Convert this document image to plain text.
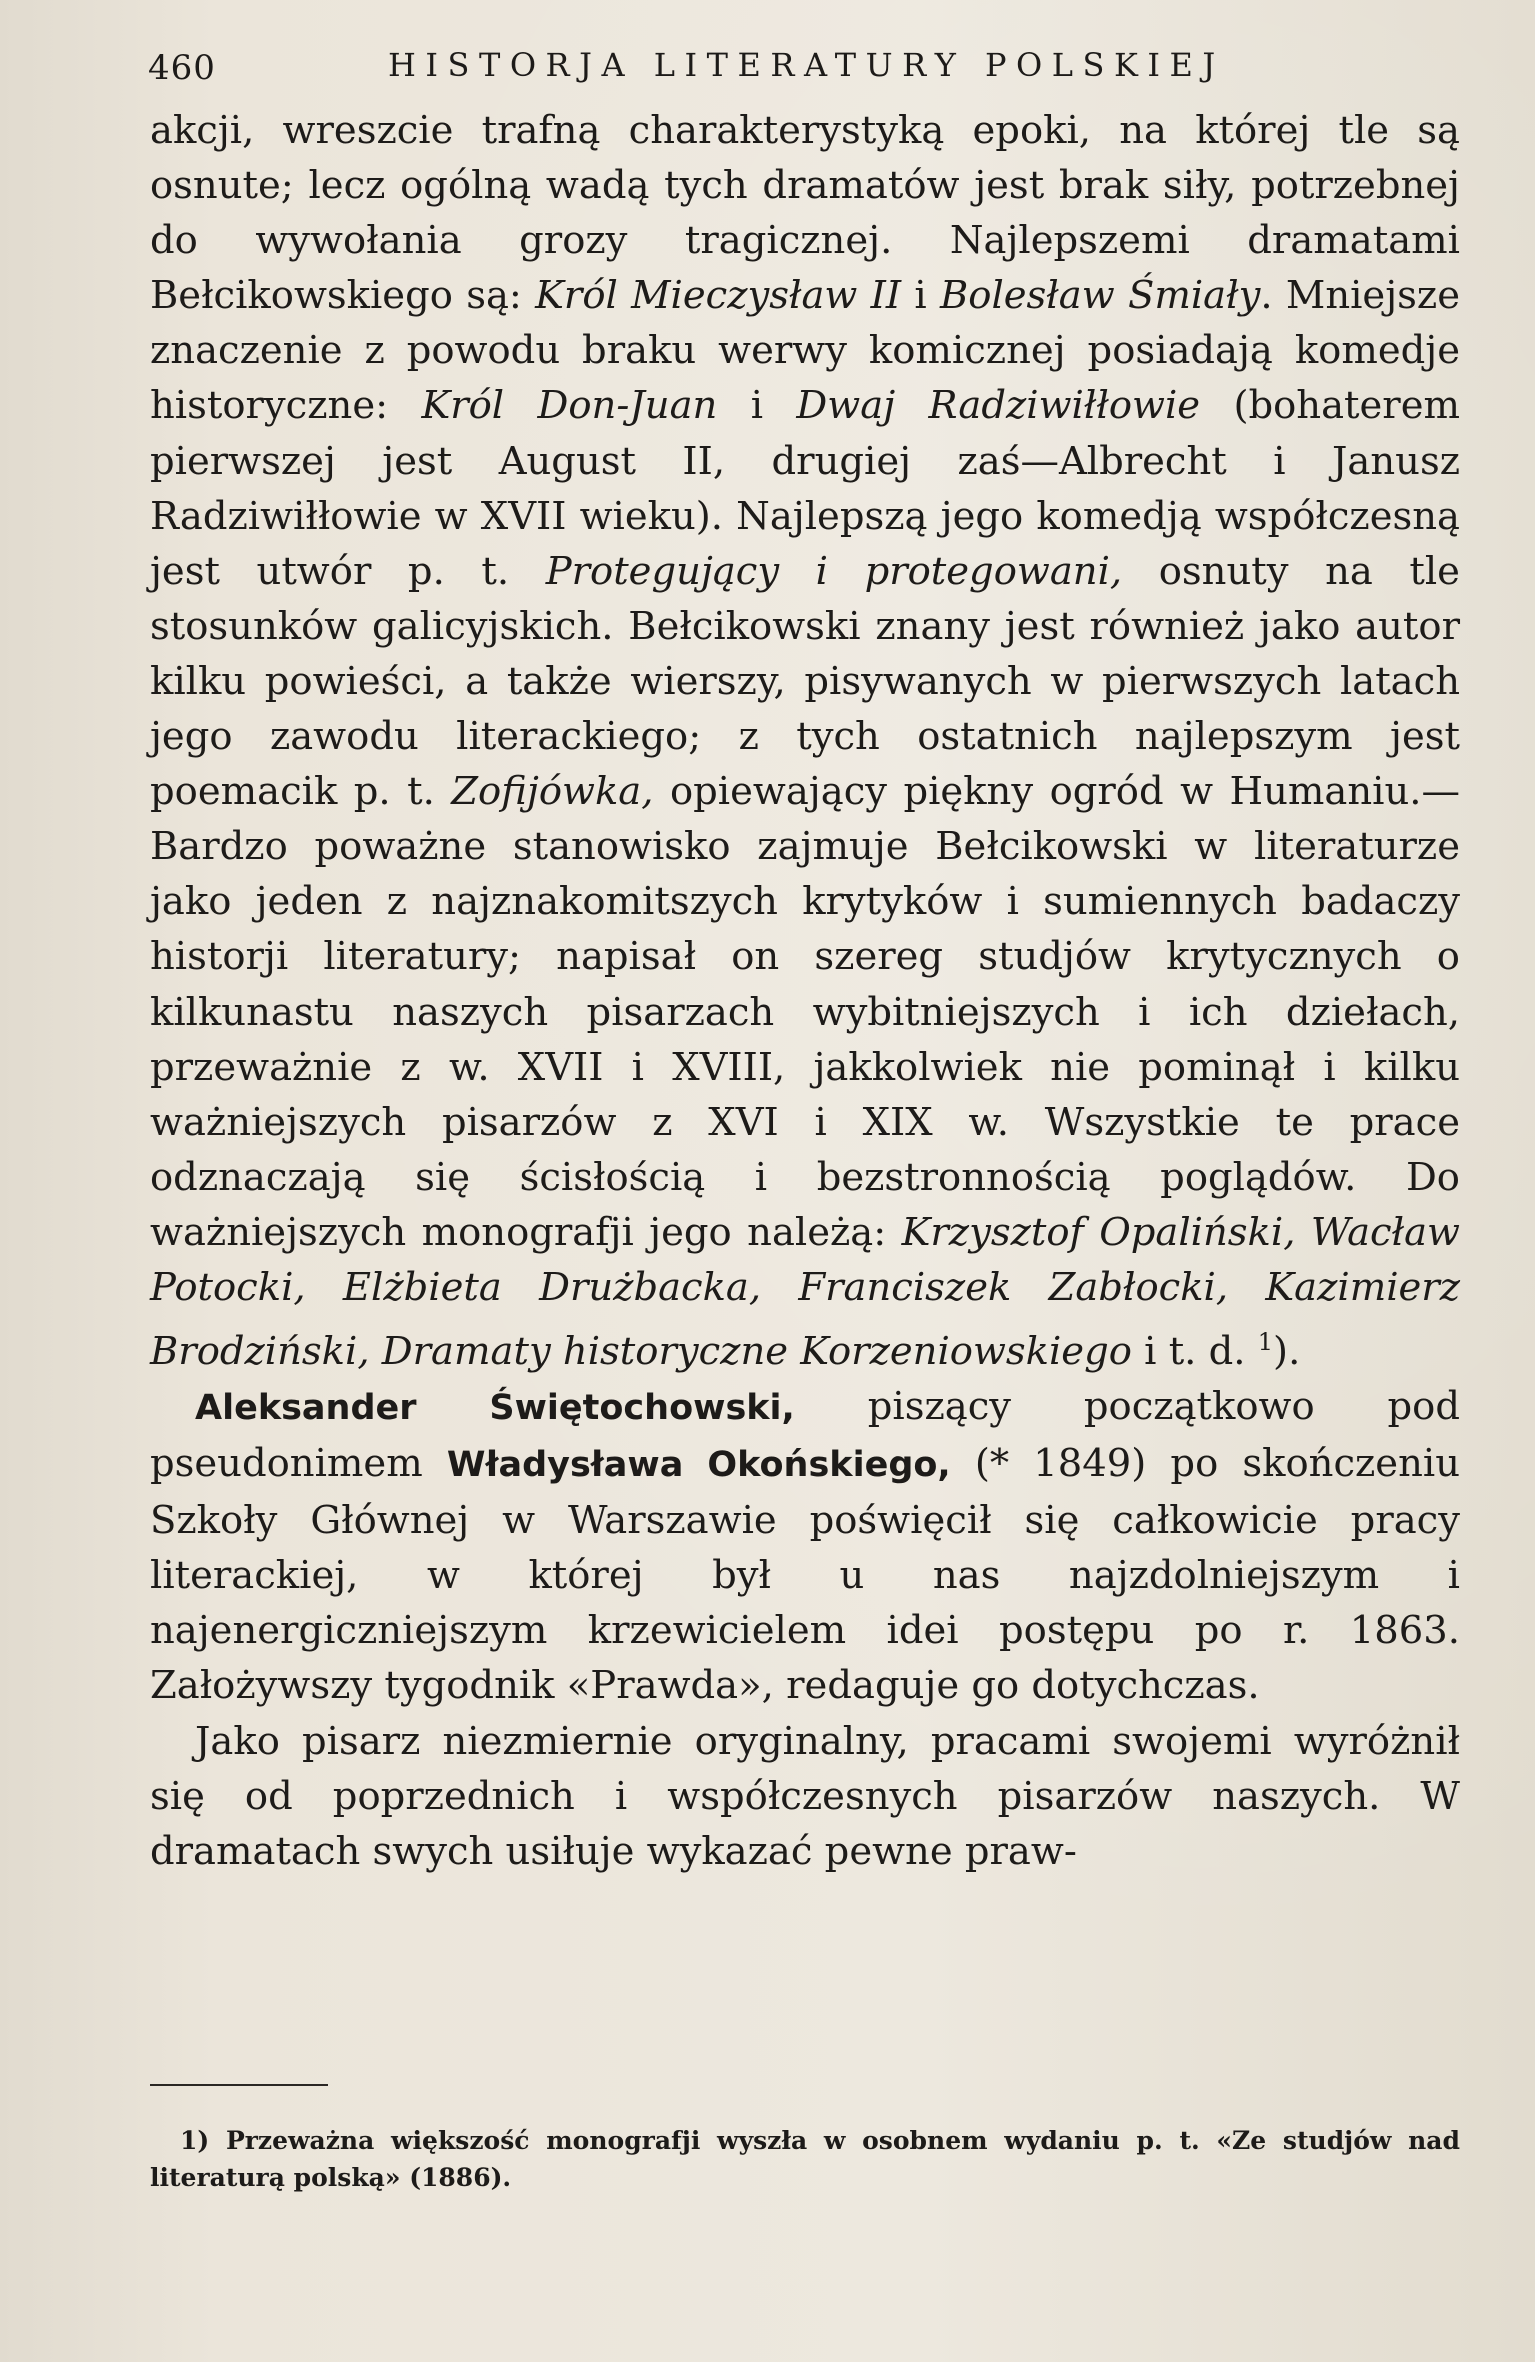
460	HISTORJA LITERATURY POLSKIEJ

akcji, wreszcie trafną charakterystyką epoki, na której tle są osnute; lecz ogólną wadą tych dramatów jest brak siły, potrzebnej do wywołania grozy tragicznej. Najlepszemi dramatami Bełcikowskiego są: Król Mieczysław II i Bolesław Śmiały. Mniejsze znaczenie z powodu braku werwy komicznej posiadają komedje historyczne: Król Don-Juan i Dwaj Radziwiłłowie (bohaterem pierwszej jest August II, drugiej zaś—Albrecht i Janusz Radziwiłłowie w XVII wieku). Najlepszą jego komedją współczesną jest utwór p. t. Protegujący i protegowani, osnuty na tle stosunków galicyjskich. Bełcikowski znany jest również jako autor kilku powieści, a także wierszy, pisywanych w pierwszych latach jego zawodu literackiego; z tych ostatnich najlepszym jest poemacik p. t. Zofijówka, opiewający piękny ogród w Humaniu.—Bardzo poważne stanowisko zajmuje Bełcikowski w literaturze jako jeden z najznakomitszych krytyków i sumiennych badaczy historji literatury; napisał on szereg studjów krytycznych o kilkunastu naszych pisarzach wybitniejszych i ich dziełach, przeważnie z w. XVII i XVIII, jakkolwiek nie pominął i kilku ważniejszych pisarzów z XVI i XIX w. Wszystkie te prace odznaczają się ścisłością i bezstronnością poglądów. Do ważniejszych monografji jego należą: Krzysztof Opaliński, Wacław Potocki, Elżbieta Drużbacka, Franciszek Zabłocki, Kazimierz Brodziński, Dramaty historyczne Korzeniowskiego i t. d. $^1$).

Aleksander Świętochowski, piszący początkowo pod pseudonimem Władysława Okońskiego, (* 1849) po skończeniu Szkoły Głównej w Warszawie poświęcił się całkowicie pracy literackiej, w której był u nas najzdolniejszym i najenergiczniejszym krzewicielem idei postępu po r. 1863. Założywszy tygodnik «Prawda», redaguje go dotychczas.

Jako pisarz niezmiernie oryginalny, pracami swojemi wyróżnił się od poprzednich i współczesnych pisarzów naszych. W dramatach swych usiłuje wykazać pewne praw-

1) Przeważna większość monografji wyszła w osobnem wydaniu p. t. «Ze studjów nad literaturą polską» (1886).
